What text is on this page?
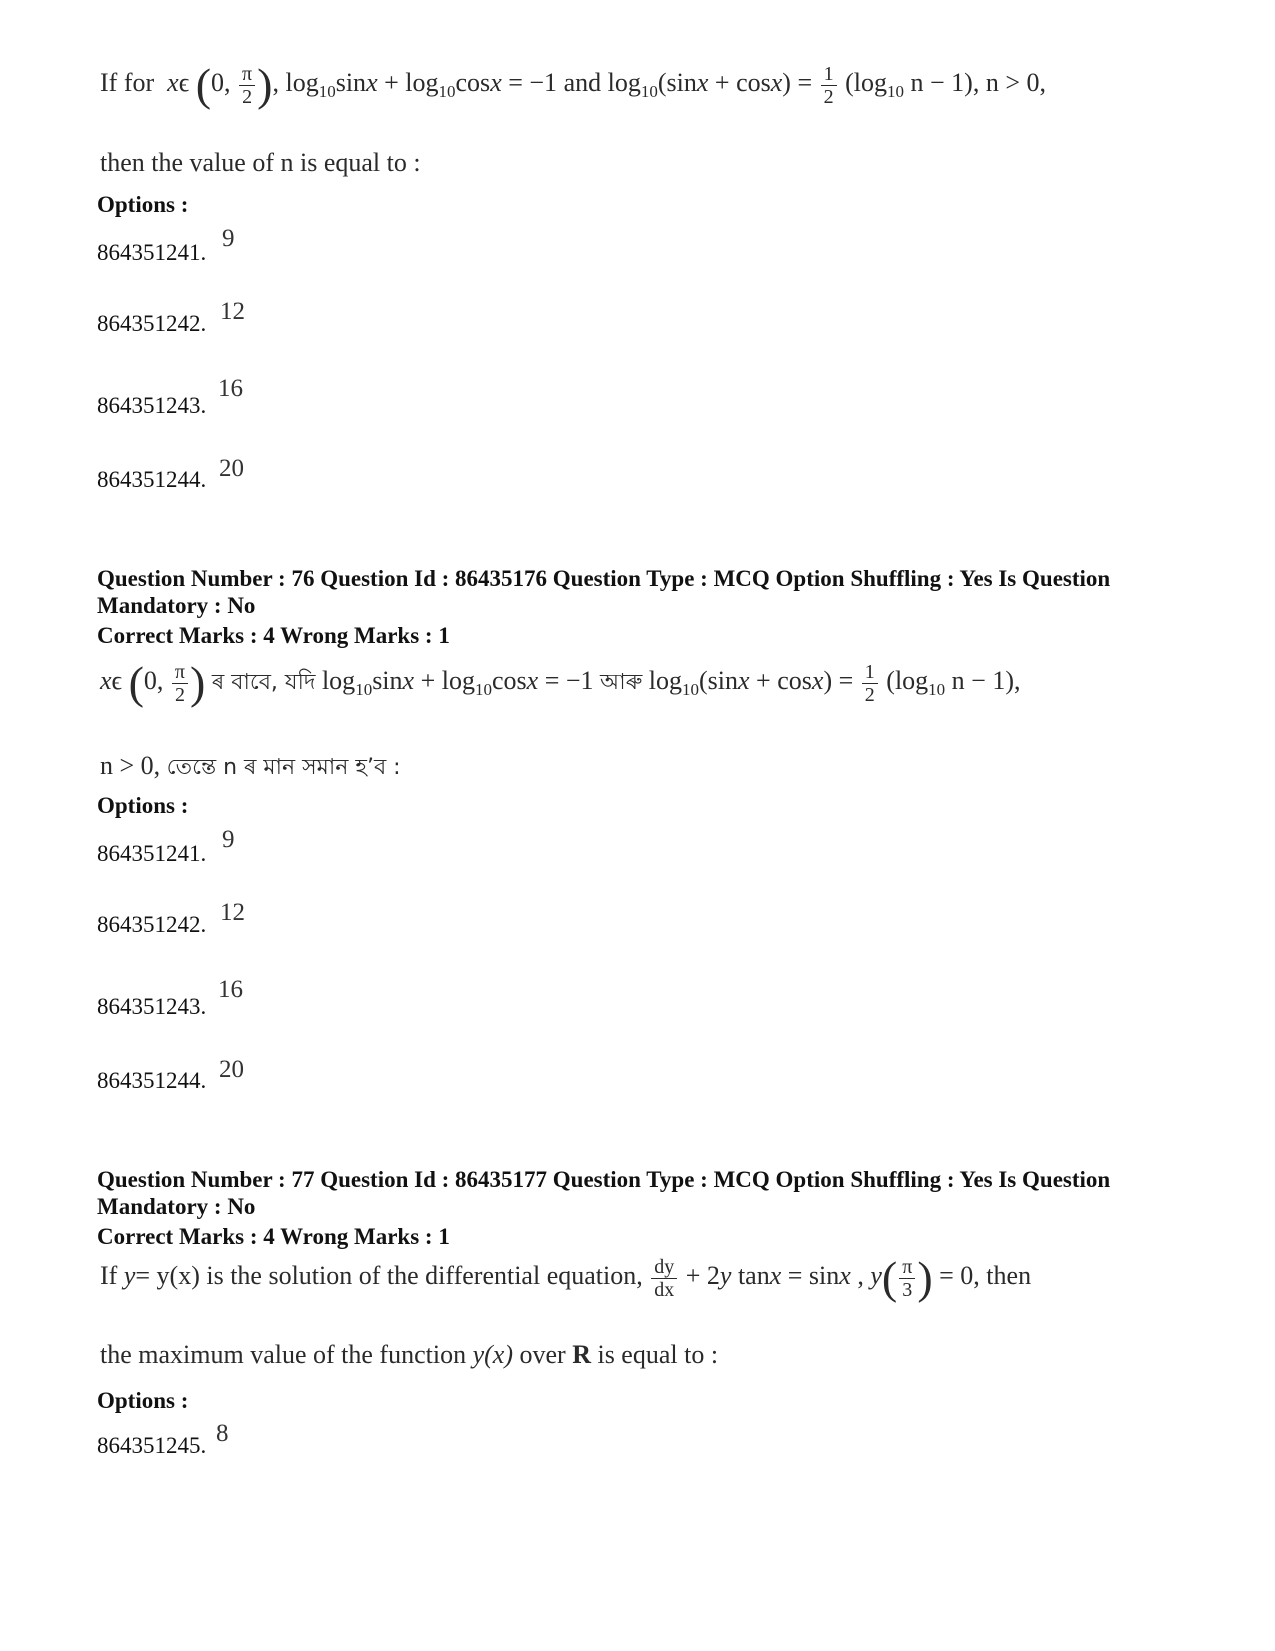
If for xϵ (0, $\frac{\pi}{2}$ ), $\log_{10}\sin x + \log_{10}\cos x = -1$ and $\log_{10}(\sin x + \cos x) = \frac{1}{2} (\log_{10}$ n − 1), n > 0,
then the value of n is equal to :
Options :
864351241.
9
864351242. 12
864351243.
16
864351244. 20
Question Number : 76 Question Id : 86435176 Question Type : MCQ Option Shuffling : Yes Is Question
Mandatory : No
Correct Marks : 4 Wrong Marks : 1
xϵ (0, $\frac{\pi}{2}$ ) ৰ বাবে, যদি $\log_{10}\sin x + \log_{10}\cos x = -1$ আৰু $\log_{10}(\sin x + \cos x) = \frac{1}{2} (\log_{10}$ n − 1),
n > 0, তেন্তে n ৰ মান সমান হ’ব :
Options :
864351241.
9
864351242. 12
864351243.
16
864351244. 20
Question Number : 77 Question Id : 86435177 Question Type : MCQ Option Shuffling : Yes Is Question
Mandatory : No
Correct Marks : 4 Wrong Marks : 1
If y= y(x) is the solution of the differential equation, $\frac{dy}{dx} + 2y$ tanx = sinx , $y( \frac{\pi}{3}$ ) = 0, then
the maximum value of the function y(x) over R is equal to :
Options :
864351245. 8
